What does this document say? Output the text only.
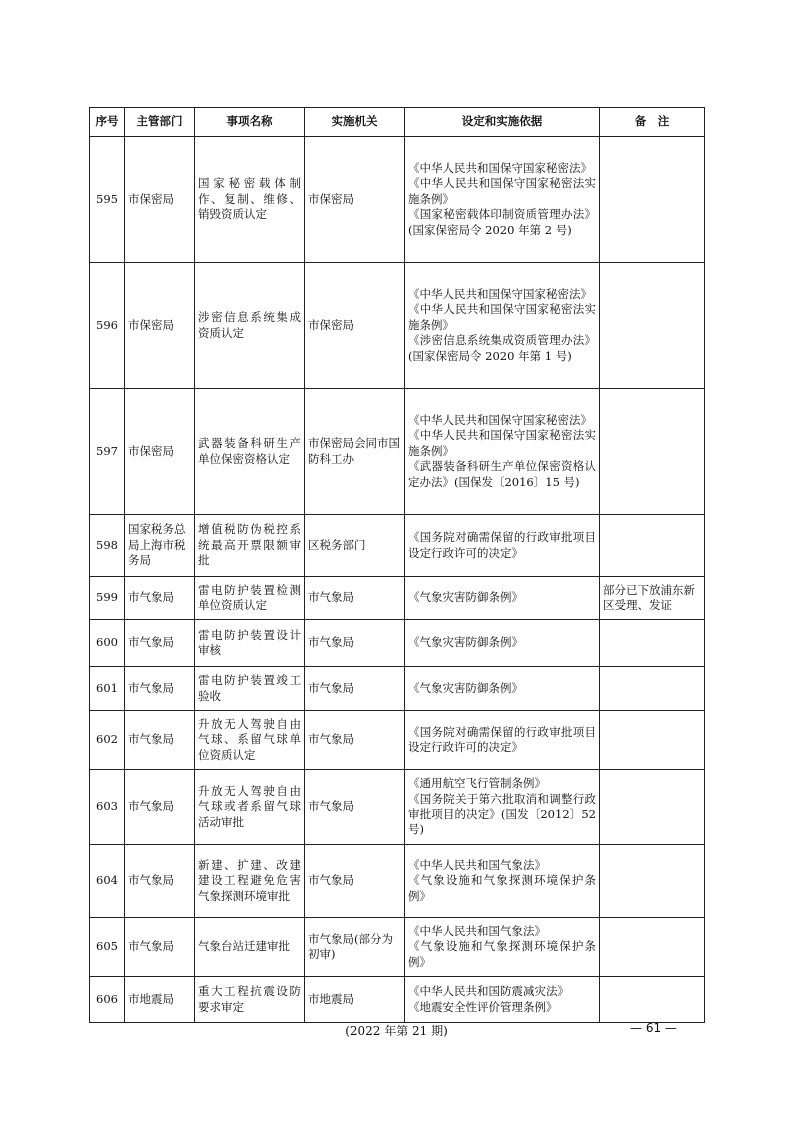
序号	主管部门	事项名称	实施机关	设定和实施依据	备　注
595	市保密局	国家秘密载体制作、复制、维修、销毁资质认定	市保密局	《中华人民共和国保守国家秘密法》
《中华人民共和国保守国家秘密法实施条例》
《国家秘密载体印制资质管理办法》(国家保密局令 2020 年第 2 号)	
596	市保密局	涉密信息系统集成资质认定	市保密局	《中华人民共和国保守国家秘密法》
《中华人民共和国保守国家秘密法实施条例》
《涉密信息系统集成资质管理办法》(国家保密局令 2020 年第 1 号)	
597	市保密局	武器装备科研生产单位保密资格认定	市保密局会同市国防科工办	《中华人民共和国保守国家秘密法》
《中华人民共和国保守国家秘密法实施条例》
《武器装备科研生产单位保密资格认定办法》(国保发〔2016〕15 号)	
598	国家税务总局上海市税务局	增值税防伪税控系统最高开票限额审批	区税务部门	《国务院对确需保留的行政审批项目设定行政许可的决定》	
599	市气象局	雷电防护装置检测单位资质认定	市气象局	《气象灾害防御条例》	部分已下放浦东新区受理、发证
600	市气象局	雷电防护装置设计审核	市气象局	《气象灾害防御条例》	
601	市气象局	雷电防护装置竣工验收	市气象局	《气象灾害防御条例》	
602	市气象局	升放无人驾驶自由气球、系留气球单位资质认定	市气象局	《国务院对确需保留的行政审批项目设定行政许可的决定》	
603	市气象局	升放无人驾驶自由气球或者系留气球活动审批	市气象局	《通用航空飞行管制条例》
《国务院关于第六批取消和调整行政审批项目的决定》(国发〔2012〕52 号)	
604	市气象局	新建、扩建、改建建设工程避免危害气象探测环境审批	市气象局	《中华人民共和国气象法》
《气象设施和气象探测环境保护条例》	
605	市气象局	气象台站迁建审批	市气象局(部分为初审)	《中华人民共和国气象法》
《气象设施和气象探测环境保护条例》	
606	市地震局	重大工程抗震设防要求审定	市地震局	《中华人民共和国防震减灾法》
《地震安全性评价管理条例》	
(2022 年第 21 期)	— 61 —
